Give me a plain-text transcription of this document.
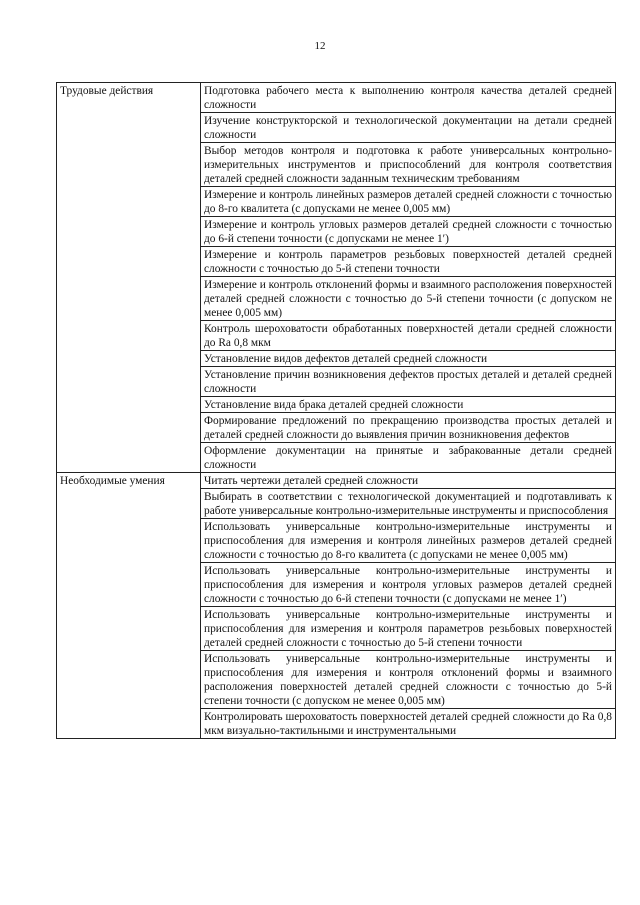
12
Трудовые действия	Подготовка рабочего места к выполнению контроля качества деталей средней сложности
	Изучение конструкторской и технологической документации на детали средней сложности
	Выбор методов контроля и подготовка к работе универсальных контрольно-измерительных инструментов и приспособлений для контроля соответствия деталей средней сложности заданным техническим требованиям
	Измерение и контроль линейных размеров деталей средней сложности с точностью до 8-го квалитета (с допусками не менее 0,005 мм)
	Измерение и контроль угловых размеров деталей средней сложности с точностью до 6-й степени точности (с допусками не менее 1′)
	Измерение и контроль параметров резьбовых поверхностей деталей средней сложности с точностью до 5-й степени точности
	Измерение и контроль отклонений формы и взаимного расположения поверхностей деталей средней сложности с точностью до 5-й степени точности (с допуском не менее 0,005 мм)
	Контроль шероховатости обработанных поверхностей детали средней сложности до Ra 0,8 мкм
	Установление видов дефектов деталей средней сложности
	Установление причин возникновения дефектов простых деталей и деталей средней сложности
	Установление вида брака деталей средней сложности
	Формирование предложений по прекращению производства простых деталей и деталей средней сложности до выявления причин возникновения дефектов
	Оформление документации на принятые и забракованные детали средней сложности
Необходимые умения	Читать чертежи деталей средней сложности
	Выбирать в соответствии с технологической документацией и подготавливать к работе универсальные контрольно-измерительные инструменты и приспособления
	Использовать универсальные контрольно-измерительные инструменты и приспособления для измерения и контроля линейных размеров деталей средней сложности с точностью до 8-го квалитета (с допусками не менее 0,005 мм)
	Использовать универсальные контрольно-измерительные инструменты и приспособления для измерения и контроля угловых размеров деталей средней сложности с точностью до 6-й степени точности (с допусками не менее 1′)
	Использовать универсальные контрольно-измерительные инструменты и приспособления для измерения и контроля параметров резьбовых поверхностей деталей средней сложности с точностью до 5-й степени точности
	Использовать универсальные контрольно-измерительные инструменты и приспособления для измерения и контроля отклонений формы и взаимного расположения поверхностей деталей средней сложности с точностью до 5-й степени точности (с допуском не менее 0,005 мм)
	Контролировать шероховатость поверхностей деталей средней сложности до Ra 0,8 мкм визуально-тактильными и инструментальными
